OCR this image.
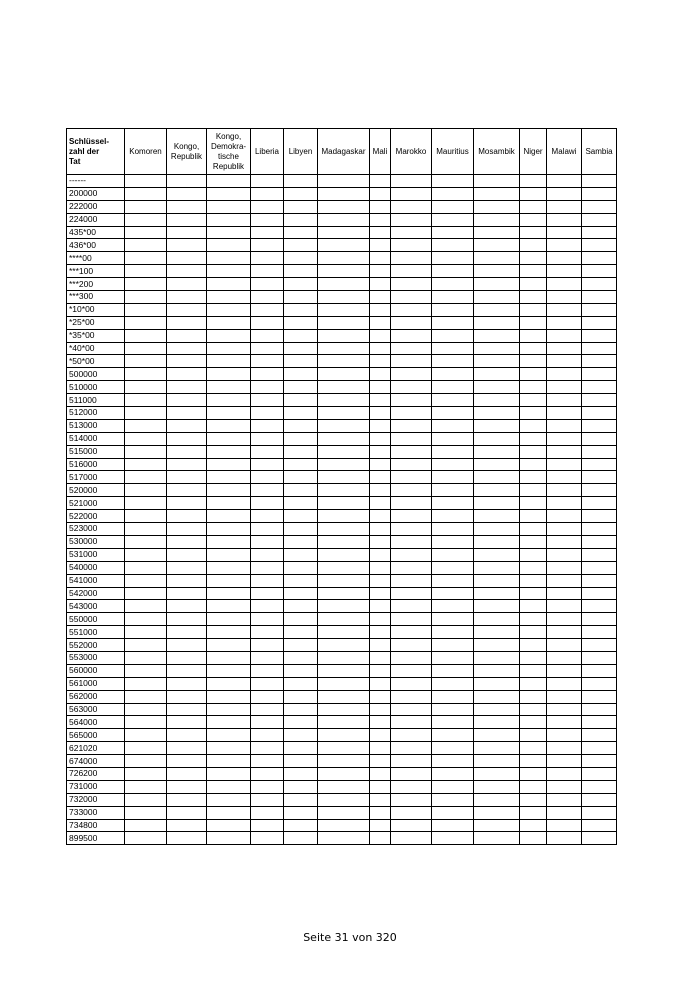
Schlüssel-
zahl der
Tat	Komoren	Kongo,
Republik	Kongo,
Demokra-
tische
Republik	Liberia	Libyen	Madagaskar	Mali	Marokko	Mauritius	Mosambik	Niger	Malawi	Sambia
------													
200000													
222000													
224000													
435*00													
436*00													
****00													
***100													
***200													
***300													
*10*00													
*25*00													
*35*00													
*40*00													
*50*00													
500000													
510000													
511000													
512000													
513000													
514000													
515000													
516000													
517000													
520000													
521000													
522000													
523000													
530000													
531000													
540000													
541000													
542000													
543000													
550000													
551000													
552000													
553000													
560000													
561000													
562000													
563000													
564000													
565000													
621020													
674000													
726200													
731000													
732000													
733000													
734800													
899500													
Seite 31 von 320
